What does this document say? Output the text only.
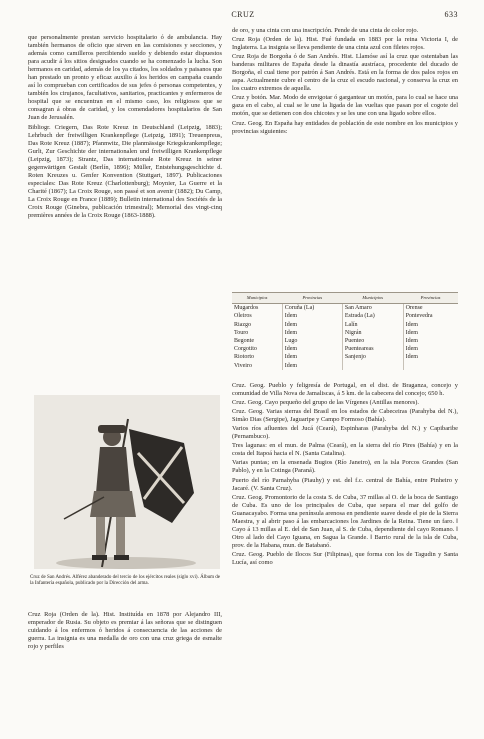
CRUZ	633

que personalmente prestan servicio hospitalario ó de ambulancia. Hay también hermanos de oficio que sirven en las comisiones y secciones, y además como camilleros percibiendo sueldo y debiendo estar dispuestos para acudir á los sitios designados cuando se ha comenzado la lucha. Son hermanos en caridad, además de los ya citados, los soldados y paisanos que han prestado un pronto y eficaz auxilio á los heridos en campaña cuando así lo comprueban con certificados de sus jefes ó personas competentes, y también los cirujanos, facultativos, sanitarios, practicantes y enfermeros de hospital que se encuentran en el mismo caso, los religiosos que se consagran á obras de caridad, y los comendadores hospitalarios de San Juan de Jerusalén.

Bibliogr. Criegern, Das Rote Kreuz in Deutschland (Leipzig, 1883); Lehrbuch der freiwilligen Krankenpflege (Leipzig, 1891); Treuenpreus, Das Rote Kreuz (1887); Pfannwitz, Die planmässige Kriegskrankenpflege; Gurlt, Zur Geschichte der internationalen und freiwilligen Krankenpflege (Leipzig, 1873); Strantz, Das internationale Rote Kreuz in seiner gegenwärtigen Gestalt (Berlín, 1896); Müller, Entstehungsgeschichte d. Roten Kreuzes u. Genfer Konvention (Stuttgart, 1897). Publicaciones especiales: Das Rote Kreuz (Charlottenburg); Moynier, La Guerre et la Charité (1867); La Croix Rouge, son passé et son avenir (1882); Du Camp, La Croix Rouge en France (1889); Bulletin international des Sociétés de la Croix Rouge (Ginebra, publicación trimestral); Memorial des vingt-cinq premières années de la Croix Rouge (1863-1888).

Cruz de San Andrés. Alférez abanderado del tercio de los ejércitos reales (siglo xvi). Álbum de la Infantería española, publicado por la Dirección del arma.

Cruz Roja (Orden de la). Hist. Instituída en 1878 por Alejandro III, emperador de Rusia. Su objeto es premiar á las señoras que se distinguen cuidando á los enfermos ó heridos á consecuencia de las acciones de guerra. La insignia es una medalla de oro con una cruz griega de esmalte rojo y perfiles

de oro, y una cinta con una inscripción. Pende de una cinta de color rojo.

Cruz Roja (Orden de la). Hist. Fué fundada en 1883 por la reina Victoria I, de Inglaterra. La insignia se lleva pendiente de una cinta azul con filetes rojos.

Cruz Roja de Borgoña ó de San Andrés. Hist. Llamóse así la cruz que ostentaban las banderas militares de España desde la dinastía austríaca, procedente del ducado de Borgoña, el cual tiene por patrón á San Andrés. Está en la forma de dos palos rojos en aspa. Actualmente cubre el centro de la cruz el escudo nacional, y conserva la cruz en los cuatro extremos de aquella.

Cruz y botón. Mar. Modo de envigotar ó gargantear un motón, para lo cual se hace una gaza en el cabo, al cual se le une la ligada de las vueltas que pasan por el cogote del motón, que se detienen con dos chicotes y se les une con una ligado sobre ellos.

Cruz. Geog. En España hay entidades de población de este nombre en los municipios y provincias siguientes:

Municipios	Provincias	Municipios	Provincias
Mugardos	Coruña (La)	San Amaro	Orense
Oleiros	Idem	Estrada (La)	Pontevedra
Riazgo	Idem	Lalín	Idem
Touro	Idem	Nigrán	Idem
Begonte	Lugo	Puenteo	Idem
Corgotito	Idem	Puenteareas	Idem
Riotorto	Idem	Sanjenjo	Idem
Viveiro	Idem		

Cruz. Geog. Pueblo y feligresía de Portugal, en el dist. de Braganza, concejo y comunidad de Villa Nova de Jamaliscas, á 5 km. de la cabecera del concejo; 650 h.

Cruz. Geog. Cayo pequeño del grupo de las Vírgenes (Antillas menores).

Cruz. Geog. Varias sierras del Brasil en los estados de Cabeceiras (Parahyba del N.), Simão Dias (Sergipe), Jaguaripe y Campo Formoso (Bahía).

Varios ríos afluentes del Jucá (Ceará), Espinharas (Parahyba del N.) y Capibaribe (Pernambuco).

Tres lagunas: en el mun. de Palma (Ceará), en la sierra del río Pires (Bahía) y en la costa del Itapoá hacia el N. (Santa Catalina).

Varias puntas; en la ensenada Bugios (Río Janeiro), en la isla Porcos Grandes (San Pablo), y en la Cotinga (Paraná).

Puerto del río Parnahyba (Piauhy) y est. del f.c. central de Bahía, entre Pinheiro y Jacaré. (V. Santa Cruz).

Cruz. Geog. Promontorio de la costa S. de Cuba, 37 millas al O. de la boca de Santiago de Cuba. Es uno de los principales de Cuba, que separa el mar del golfo de Guanacayabo. Forma una península arenosa en pendiente suave desde el pie de la Sierra Maestra, y al abrir paso á las embarcaciones los Jardines de la Reina. Tiene un faro. ‖ Cayo á 13 millas al E. del de San Juan, al S. de Cuba, dependiente del cayo Romano. ‖ Otro al lado del Cayo Iguana, en Sagua la Grande. ‖ Barrio rural de la isla de Cuba, prov. de la Habana, mun. de Batabanó.

Cruz. Geog. Pueblo de Ilocos Sur (Filipinas), que forma con los de Tagudin y Santa Lucía, así como
